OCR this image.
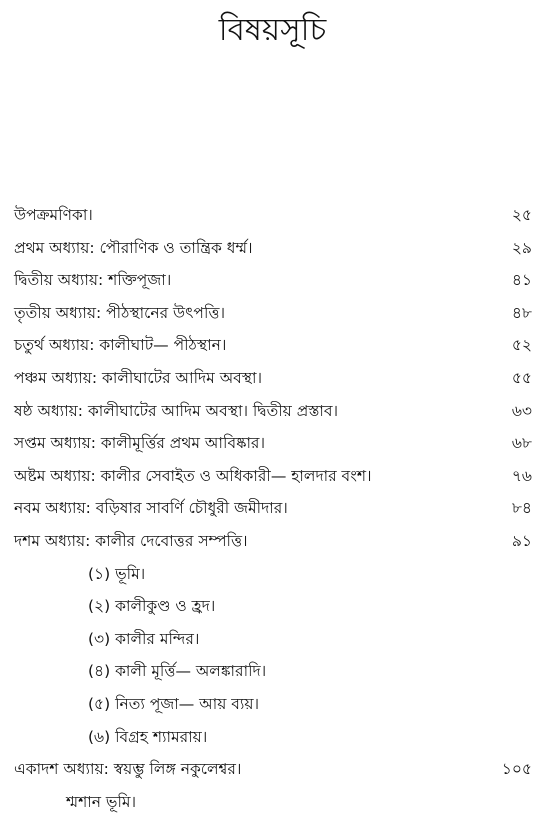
বিষয়সূচি
উপক্রমণিকা।	২৫
প্রথম অধ্যায়: পৌরাণিক ও তান্ত্রিক ধর্ম্ম।	২৯
দ্বিতীয় অধ্যায়: শক্তিপূজা।	৪১
তৃতীয় অধ্যায়: পীঠস্থানের উৎপত্তি।	৪৮
চতুর্থ অধ্যায়: কালীঘাট— পীঠস্থান।	৫২
পঞ্চম অধ্যায়: কালীঘাটের আদিম অবস্থা।	৫৫
ষষ্ঠ অধ্যায়: কালীঘাটের আদিম অবস্থা। দ্বিতীয় প্রস্তাব।	৬৩
সপ্তম অধ্যায়: কালীমূর্ত্তির প্রথম আবিষ্কার।	৬৮
অষ্টম অধ্যায়: কালীর সেবাইত ও অধিকারী— হালদার বংশ।	৭৬
নবম অধ্যায়: বড়িষার সাবর্ণি চৌধুরী জমীদার।	৮৪
দশম অধ্যায়: কালীর দেবোত্তর সম্পত্তি।	৯১
(১) ভূমি।
(২) কালীকুণ্ড ও হ্রদ।
(৩) কালীর মন্দির।
(৪) কালী মূর্ত্তি— অলঙ্কারাদি।
(৫) নিত্য পূজা— আয় ব্যয়।
(৬) বিগ্রহ শ্যামরায়।
একাদশ অধ্যায়: স্বয়ম্ভু লিঙ্গ নকুলেশ্বর।	১০৫
শ্মশান ভূমি।
